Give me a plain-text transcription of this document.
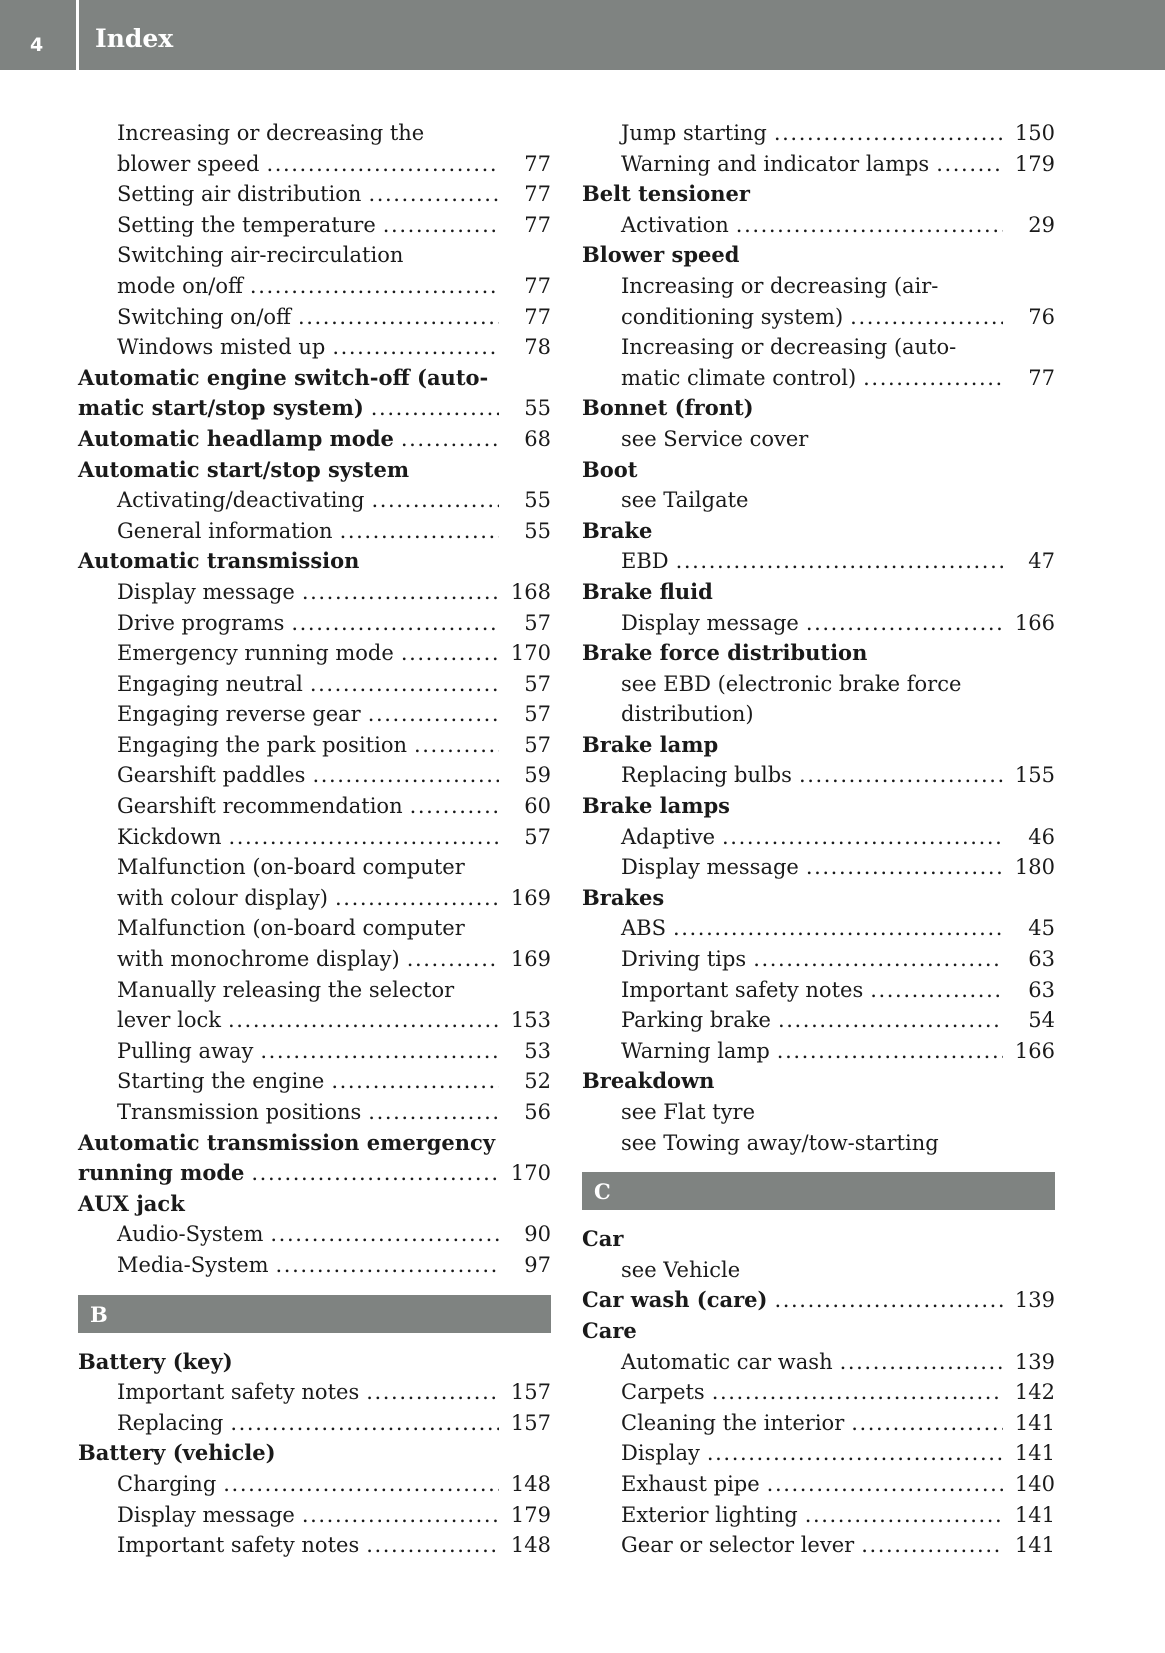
4 Index
Increasing or decreasing the
blower speed .....	77
Setting air distribution .....	77
Setting the temperature .....	77
Switching air-recirculation
mode on/off .....	77
Switching on/off .....	77
Windows misted up .....	78
Automatic engine switch-off (auto-
matic start/stop system) .....	55
Automatic headlamp mode .....	68
Automatic start/stop system
Activating/deactivating .....	55
General information .....	55
Automatic transmission
Display message .....	168
Drive programs .....	57
Emergency running mode .....	170
Engaging neutral .....	57
Engaging reverse gear .....	57
Engaging the park position .....	57
Gearshift paddles .....	59
Gearshift recommendation .....	60
Kickdown .....	57
Malfunction (on-board computer
with colour display) .....	169
Malfunction (on-board computer
with monochrome display) .....	169
Manually releasing the selector
lever lock .....	153
Pulling away .....	53
Starting the engine .....	52
Transmission positions .....	56
Automatic transmission emergency
running mode .....	170
AUX jack
Audio-System .....	90
Media-System .....	97
B
Battery (key)
Important safety notes .....	157
Replacing .....	157
Battery (vehicle)
Charging .....	148
Display message .....	179
Important safety notes .....	148
Jump starting .....	150
Warning and indicator lamps .....	179
Belt tensioner
Activation .....	29
Blower speed
Increasing or decreasing (air-
conditioning system) .....	76
Increasing or decreasing (auto-
matic climate control) .....	77
Bonnet (front)
see Service cover
Boot
see Tailgate
Brake
EBD .....	47
Brake fluid
Display message .....	166
Brake force distribution
see EBD (electronic brake force
distribution)
Brake lamp
Replacing bulbs .....	155
Brake lamps
Adaptive .....	46
Display message .....	180
Brakes
ABS .....	45
Driving tips .....	63
Important safety notes .....	63
Parking brake .....	54
Warning lamp .....	166
Breakdown
see Flat tyre
see Towing away/tow-starting
C
Car
see Vehicle
Car wash (care) .....	139
Care
Automatic car wash .....	139
Carpets .....	142
Cleaning the interior .....	141
Display .....	141
Exhaust pipe .....	140
Exterior lighting .....	141
Gear or selector lever .....	141
